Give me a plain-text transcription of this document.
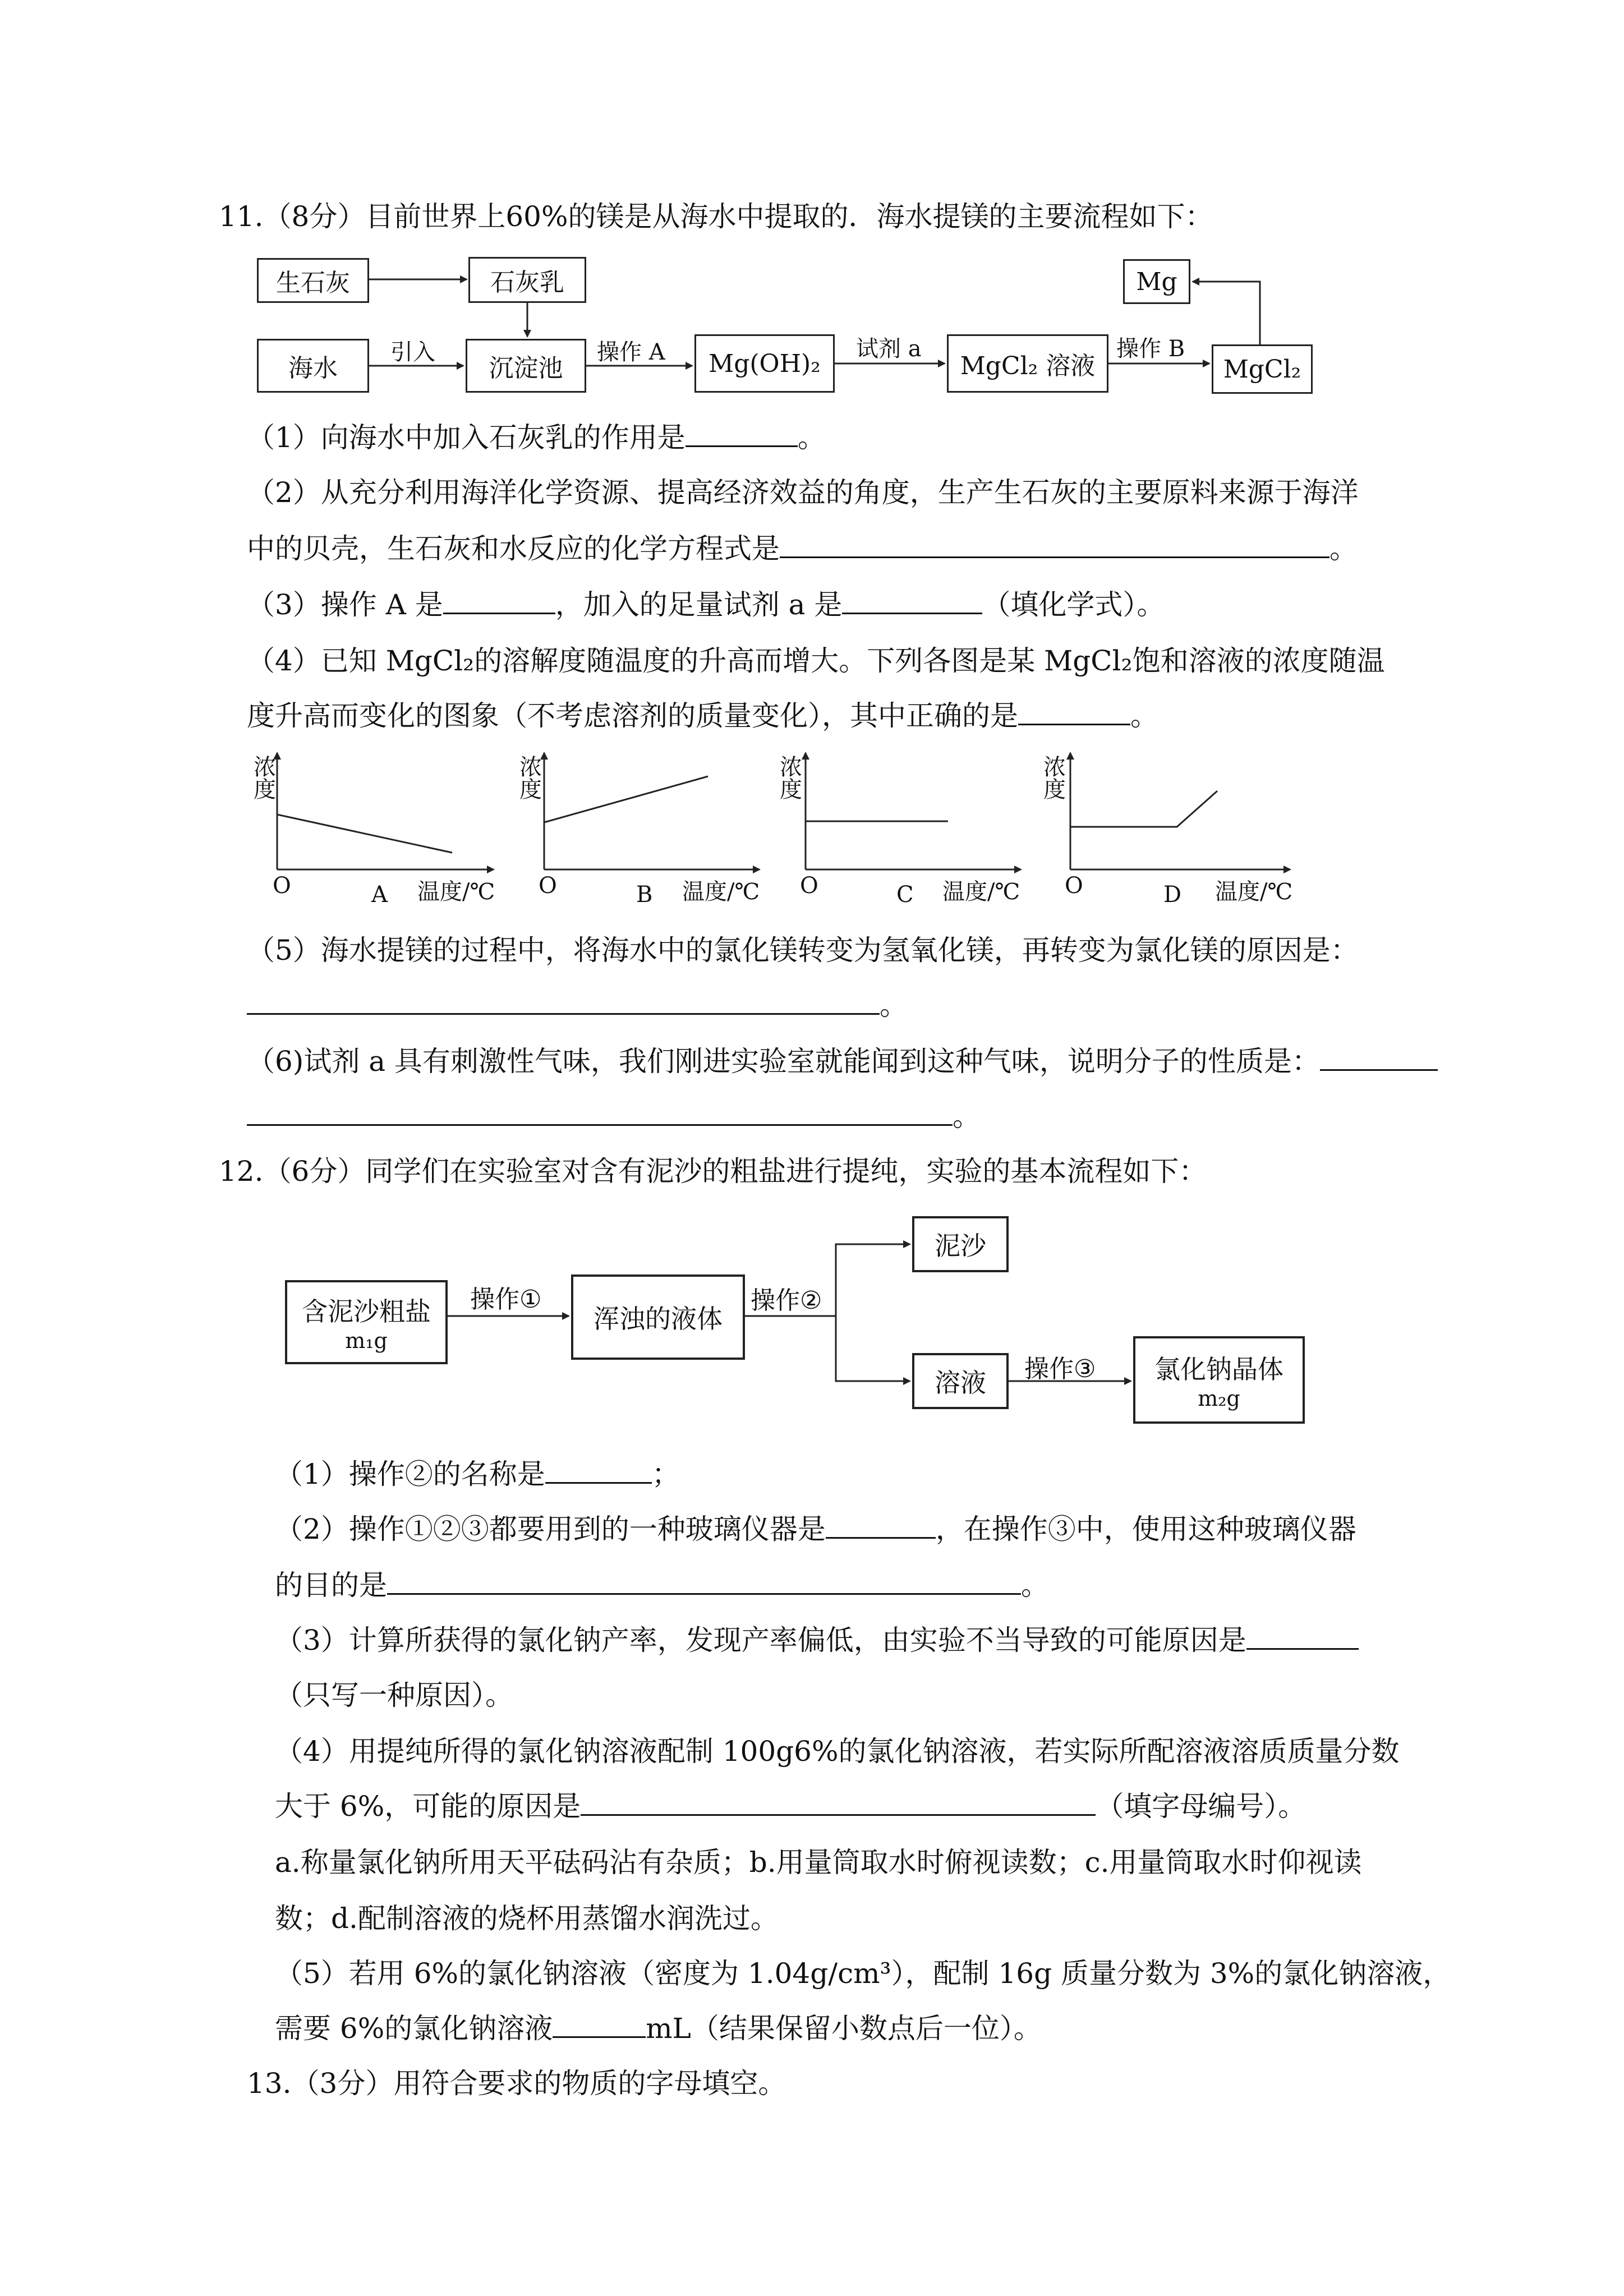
11.（8分）目前世界上60%的镁是从海水中提取的．海水提镁的主要流程如下：
生石灰	石灰乳
海水	沉淀池	Mg(OH)₂	MgCl₂ 溶液	MgCl₂
Mg
引入	操作 A	试剂 a	操作 B
（1）向海水中加入石灰乳的作用是	。
（2）从充分利用海洋化学资源、提高经济效益的角度，生产生石灰的主要原料来源于海洋
中的贝壳，生石灰和水反应的化学方程式是	。
（3）操作 A 是	，加入的足量试剂 a 是	（填化学式）。
（4）已知 MgCl₂的溶解度随温度的升高而增大。下列各图是某 MgCl₂饱和溶液的浓度随温
度升高而变化的图象（不考虑溶剂的质量变化），其中正确的是	。
浓
度
O	A 温度/℃
浓
度
O	B 温度/℃
浓
度
O	C 温度/℃
浓
度
O	D 温度/℃
（5）海水提镁的过程中，将海水中的氯化镁转变为氢氧化镁，再转变为氯化镁的原因是：
。
（6)试剂 a 具有刺激性气味，我们刚进实验室就能闻到这种气味，说明分子的性质是：
。
12.（6分）同学们在实验室对含有泥沙的粗盐进行提纯，实验的基本流程如下：
含泥沙粗盐
m₁g
浑浊的液体
泥沙
溶液	氯化钠晶体
m₂g
操作①	操作②
操作③
（1）操作②的名称是	；
（2）操作①②③都要用到的一种玻璃仪器是	，在操作③中，使用这种玻璃仪器
的目的是	。
（3）计算所获得的氯化钠产率，发现产率偏低，由实验不当导致的可能原因是
（只写一种原因）。
（4）用提纯所得的氯化钠溶液配制 100g6%的氯化钠溶液，若实际所配溶液溶质质量分数
大于 6%，可能的原因是	（填字母编号）。
a.称量氯化钠所用天平砝码沾有杂质；b.用量筒取水时俯视读数；c.用量筒取水时仰视读
数；d.配制溶液的烧杯用蒸馏水润洗过。
（5）若用 6%的氯化钠溶液（密度为 1.04g/cm³），配制 16g 质量分数为 3%的氯化钠溶液，
需要 6%的氯化钠溶液	mL（结果保留小数点后一位）。
13.（3分）用符合要求的物质的字母填空。
